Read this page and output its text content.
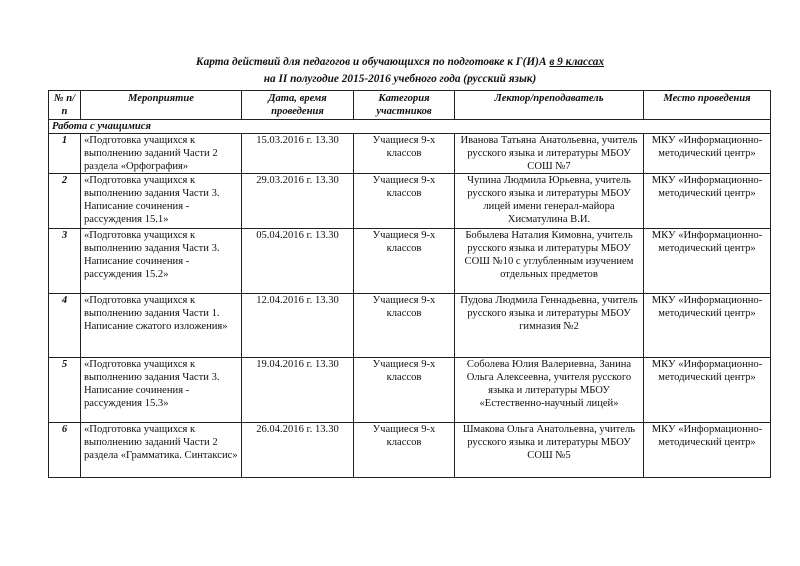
Карта действий для педагогов и обучающихся по подготовке к Г(И)А в 9 классах
на II полугодие 2015-2016 учебного года (русский язык)
№ п/п	Мероприятие	Дата, время проведения	Категория участников	Лектор/преподаватель	Место проведения
Работа с учащимися					
1	«Подготовка учащихся к выполнению заданий Части 2 раздела «Орфография»	15.03.2016 г. 13.30	Учащиеся 9-х классов	Иванова Татьяна Анатольевна, учитель русского языка и литературы МБОУ СОШ №7	МКУ «Информационно-методический центр»
2	«Подготовка учащихся к выполнению задания Части 3. Написание сочинения - рассуждения 15.1»	29.03.2016 г. 13.30	Учащиеся 9-х классов	Чупина Людмила Юрьевна, учитель русского языка и литературы МБОУ лицей имени генерал-майора Хисматулина В.И.	МКУ «Информационно-методический центр»
3	«Подготовка учащихся к выполнению задания Части 3. Написание сочинения - рассуждения 15.2»	05.04.2016 г. 13.30	Учащиеся 9-х классов	Бобылева Наталия Кимовна, учитель русского языка и литературы МБОУ СОШ №10 с углубленным изучением отдельных предметов	МКУ «Информационно-методический центр»
4	«Подготовка учащихся к выполнению задания Части 1. Написание сжатого изложения»	12.04.2016 г. 13.30	Учащиеся 9-х классов	Пудова Людмила Геннадьевна, учитель русского языка и литературы МБОУ гимназия №2	МКУ «Информационно-методический центр»
5	«Подготовка учащихся к выполнению задания Части 3. Написание сочинения - рассуждения 15.3»	19.04.2016 г. 13.30	Учащиеся 9-х классов	Соболева Юлия Валериевна, Занина Ольга Алексеевна, учителя русского языка и литературы МБОУ «Естественно-научный лицей»	МКУ «Информационно-методический центр»
6	«Подготовка учащихся к выполнению заданий Части 2 раздела «Грамматика. Синтаксис»	26.04.2016 г. 13.30	Учащиеся 9-х классов	Шмакова Ольга Анатольевна, учитель русского языка и литературы МБОУ СОШ №5	МКУ «Информационно-методический центр»
